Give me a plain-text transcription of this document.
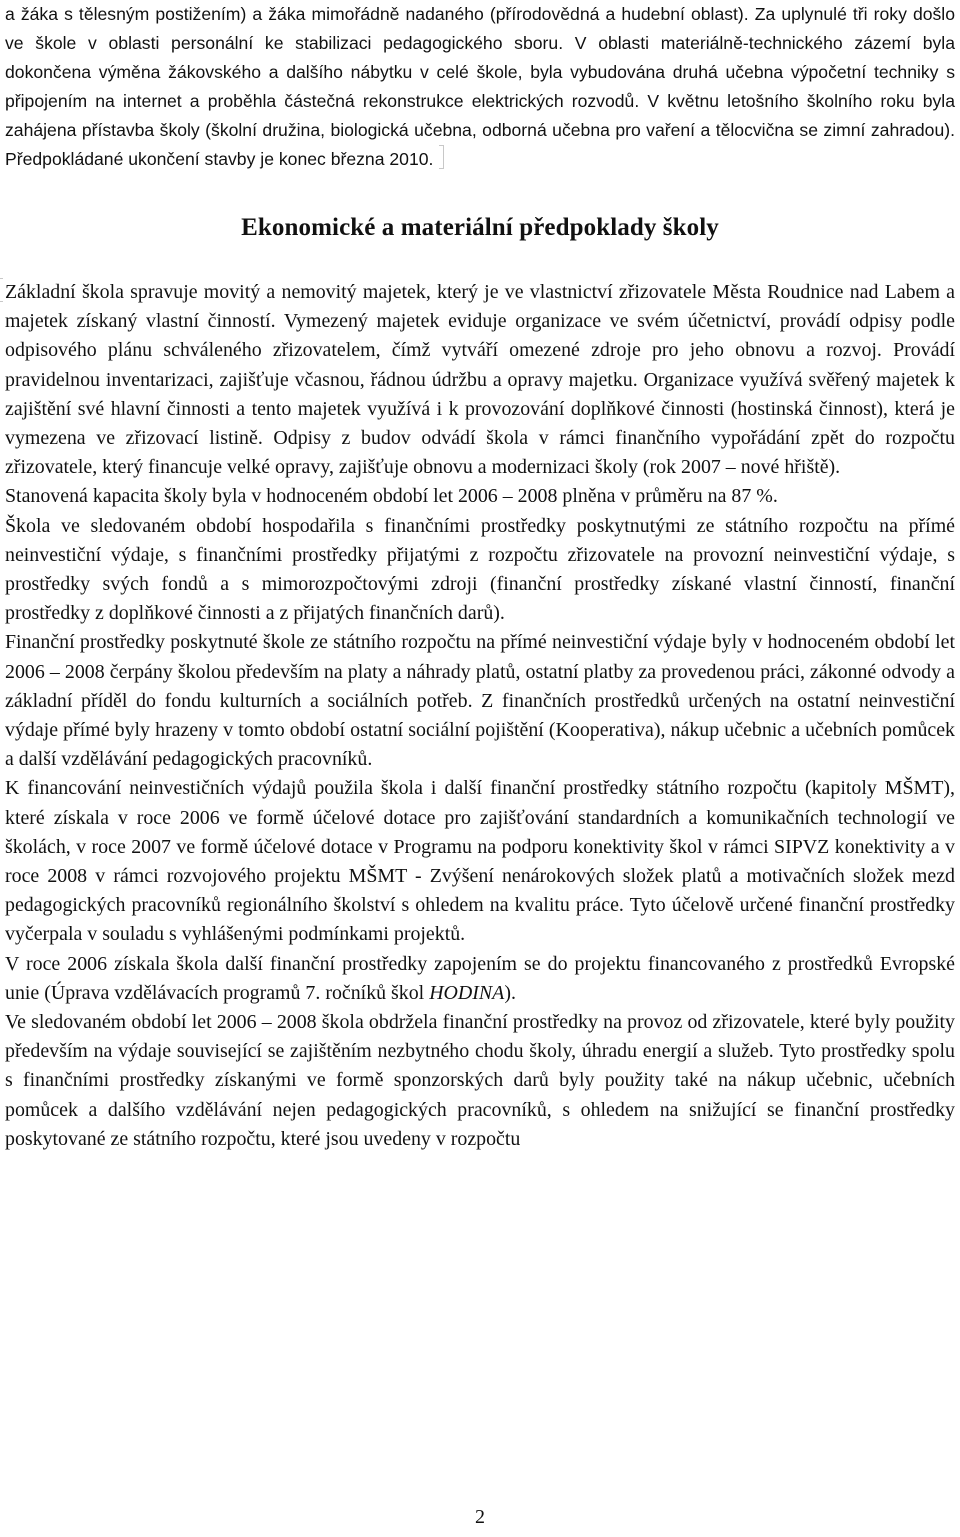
a žáka s tělesným postižením) a žáka mimořádně nadaného (přírodovědná a hudební oblast). Za uplynulé tři roky došlo ve škole v oblasti personální ke stabilizaci pedagogického sboru. V oblasti materiálně-technického zázemí byla dokončena výměna žákovského a dalšího nábytku v celé škole, byla vybudována druhá učebna výpočetní techniky s připojením na internet a proběhla částečná rekonstrukce elektrických rozvodů. V květnu letošního školního roku byla zahájena přístavba školy (školní družina, biologická učebna, odborná učebna pro vaření a tělocvična se zimní zahradou). Předpokládané ukončení stavby je konec března 2010.

Ekonomické a materiální předpoklady školy

Základní škola spravuje movitý a nemovitý majetek, který je ve vlastnictví zřizovatele Města Roudnice nad Labem a majetek získaný vlastní činností. Vymezený majetek eviduje organizace ve svém účetnictví, provádí odpisy podle odpisového plánu schváleného zřizovatelem, čímž vytváří omezené zdroje pro jeho obnovu a rozvoj. Provádí pravidelnou inventarizaci, zajišťuje včasnou, řádnou údržbu a opravy majetku. Organizace využívá svěřený majetek k zajištění své hlavní činnosti a tento majetek využívá i k provozování doplňkové činnosti (hostinská činnost), která je vymezena ve zřizovací listině. Odpisy z budov odvádí škola v rámci finančního vypořádání zpět do rozpočtu zřizovatele, který financuje velké opravy, zajišťuje obnovu a modernizaci školy (rok 2007 – nové hřiště).

Stanovená kapacita školy byla v hodnoceném období let 2006 – 2008 plněna v průměru na 87 %.

Škola ve sledovaném období hospodařila s finančními prostředky poskytnutými ze státního rozpočtu na přímé neinvestiční výdaje, s finančními prostředky přijatými z rozpočtu zřizovatele na provozní neinvestiční výdaje, s prostředky svých fondů a s mimorozpočtovými zdroji (finanční prostředky získané vlastní činností, finanční prostředky z doplňkové činnosti a z přijatých finančních darů).

Finanční prostředky poskytnuté škole ze státního rozpočtu na přímé neinvestiční výdaje byly v hodnoceném období let 2006 – 2008 čerpány školou především na platy a náhrady platů, ostatní platby za provedenou práci, zákonné odvody a základní příděl do fondu kulturních a sociálních potřeb. Z finančních prostředků určených na ostatní neinvestiční výdaje přímé byly hrazeny v tomto období ostatní sociální pojištění (Kooperativa), nákup učebnic a učebních pomůcek a další vzdělávání pedagogických pracovníků.

K financování neinvestičních výdajů použila škola i další finanční prostředky státního rozpočtu (kapitoly MŠMT), které získala v roce 2006 ve formě účelové dotace pro zajišťování standardních a komunikačních technologií ve školách, v roce 2007 ve formě účelové dotace v Programu na podporu konektivity škol v rámci SIPVZ konektivity a v roce 2008 v rámci rozvojového projektu MŠMT - Zvýšení nenárokových složek platů a motivačních složek mezd pedagogických pracovníků regionálního školství s ohledem na kvalitu práce. Tyto účelově určené finanční prostředky vyčerpala v souladu s vyhlášenými podmínkami projektů.

V roce 2006 získala škola další finanční prostředky zapojením se do projektu financovaného z prostředků Evropské unie (Úprava vzdělávacích programů 7. ročníků škol HODINA).

Ve sledovaném období let 2006 – 2008 škola obdržela finanční prostředky na provoz od zřizovatele, které byly použity především na výdaje související se zajištěním nezbytného chodu školy, úhradu energií a služeb. Tyto prostředky spolu s finančními prostředky získanými ve formě sponzorských darů byly použity také na nákup učebnic, učebních pomůcek a dalšího vzdělávání nejen pedagogických pracovníků, s ohledem na snižující se finanční prostředky poskytované ze státního rozpočtu, které jsou uvedeny v rozpočtu

2
